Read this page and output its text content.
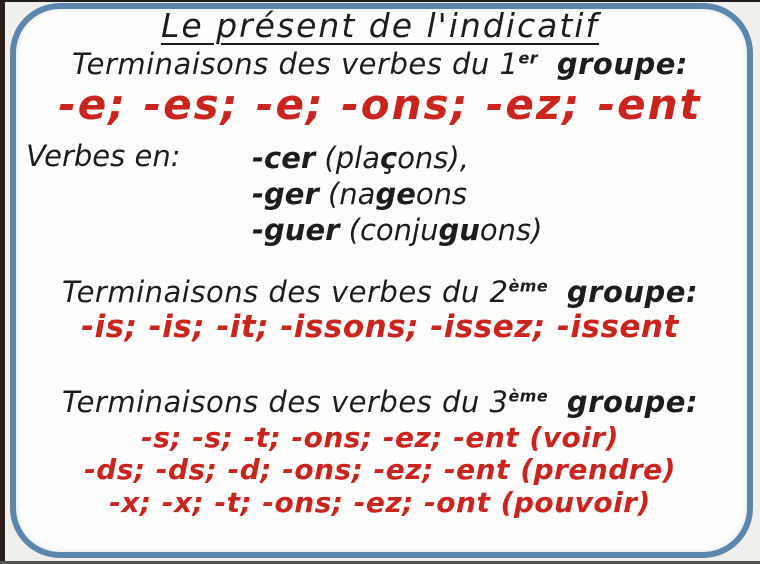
Le présent de l'indicatif
Terminaisons des verbes du 1er groupe:
-e; -es; -e; -ons; -ez; -ent
Verbes en: -cer (plaçons),
-ger (nageons
-guer (conjuguons)
Terminaisons des verbes du 2ème groupe:
-is; -is; -it; -issons; -issez; -issent
Terminaisons des verbes du 3ème groupe:
-s; -s; -t; -ons; -ez; -ent (voir)
-ds; -ds; -d; -ons; -ez; -ent (prendre)
-x; -x; -t; -ons; -ez; -ont (pouvoir)
